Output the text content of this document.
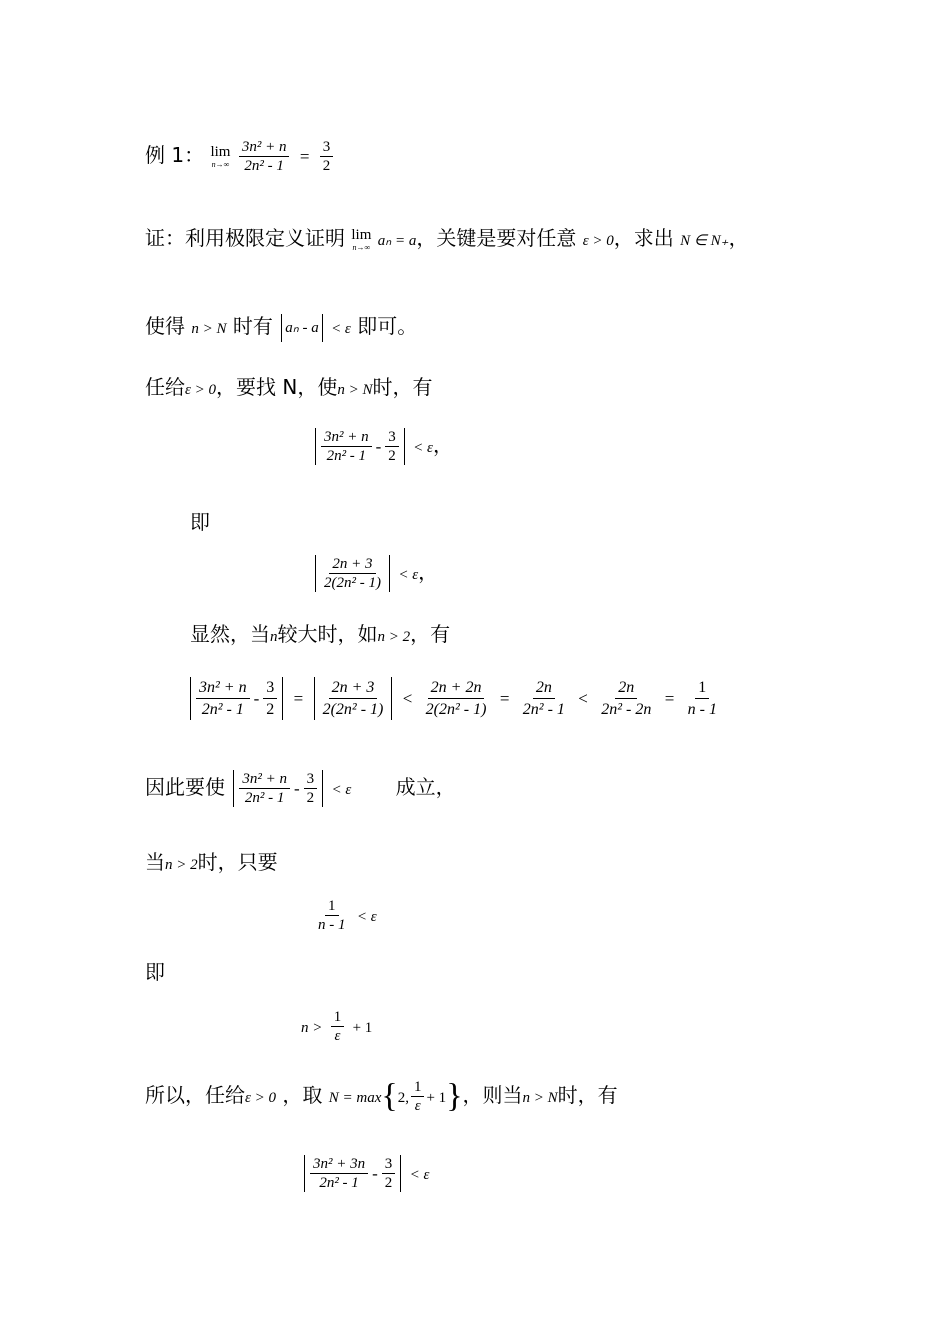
例 1： lim
n→∞
$\frac{\text{3n² + n}}{\text{2n² - 1}} = \frac{3}{2}$
证：利用极限定义证明 lim
n→∞ aₙ = a，关键是要对任意 ε > 0，求出 N ∈ N₊，
使得 n > N 时有 aₙ - a < ε 即可。
任给ε > 0，要找 N，使n > N时，有
$\frac{\text{3n² + n}}{\text{2n² - 1}} - \frac{3}{2} < \varepsilon$，
即
$\frac{2n + 3}{\text{2(2n² - 1)}} < \varepsilon$，
显然，当n较大时，如n > 2，有
$\frac{\text{3n² + n}}{\text{2n² - 1}} - \frac{3}{2} = \frac{2n + 3}{\text{2(2n² - 1)}} < \frac{2n + 2n}{\text{2(2n² - 1)}} = \frac{2n}{\text{2n² - 1}} < \frac{2n}{\text{2n² - 2n}} = \frac{1}{n - 1}$
因此要使 $\frac{\text{3n² + n}}{\text{2n² - 1}} - \frac{3}{2} < \varepsilon$ 成立，
当n > 2时，只要
$\frac{1}{n - 1} < \varepsilon$
即
$n > \frac{1}{\varepsilon} + 1$
所以，任给ε > 0 ，取 N = max{2, $\frac{1}{\varepsilon} + 1$}，则当n > N时，有
$\frac{\text{3n² + 3n}}{\text{2n² - 1}} - \frac{3}{2} < \varepsilon$
